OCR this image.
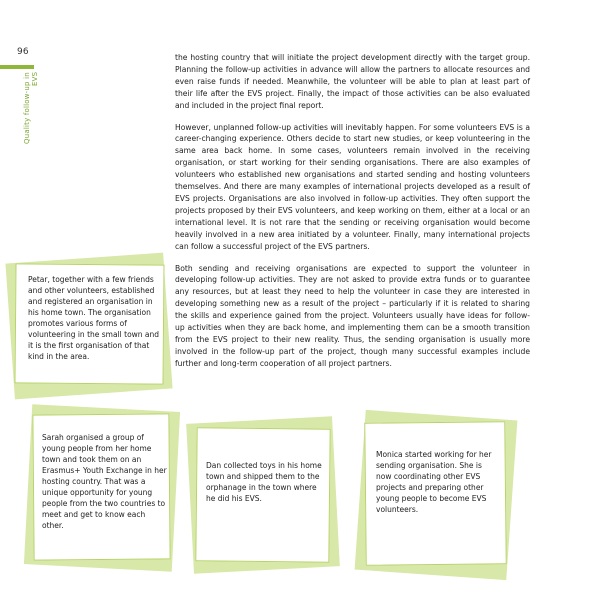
96
Quality follow-up in EVS

the hosting country that will initiate the project development directly with the target group. Planning the follow-up activities in advance will allow the partners to allocate resources and even raise funds if needed. Meanwhile, the volunteer will be able to plan at least part of their life after the EVS project. Finally, the impact of those activities can be also evaluated and included in the project final report.

However, unplanned follow-up activities will inevitably happen. For some volunteers EVS is a career-changing experience. Others decide to start new studies, or keep volunteering in the same area back home. In some cases, volunteers remain involved in the receiving organisation, or start working for their sending organisations. There are also examples of volunteers who established new organisations and started sending and hosting volunteers themselves. And there are many examples of international projects developed as a result of EVS projects. Organisations are also involved in follow-up activities. They often support the projects proposed by their EVS volunteers, and keep working on them, either at a local or an international level. It is not rare that the sending or receiving organisation would become heavily involved in a new area initiated by a volunteer. Finally, many international projects can follow a successful project of the EVS partners.

Both sending and receiving organisations are expected to support the volunteer in developing follow-up activities. They are not asked to provide extra funds or to guarantee any resources, but at least they need to help the volunteer in case they are interested in developing something new as a result of the project – particularly if it is related to sharing the skills and experience gained from the project. Volunteers usually have ideas for follow-up activities when they are back home, and implementing them can be a smooth transition from the EVS project to their new reality. Thus, the sending organisation is usually more involved in the follow-up part of the project, though many successful examples include further and long-term cooperation of all project partners.

Petar, together with a few friends and other volunteers, established and registered an organisation in his home town. The organisation promotes various forms of volunteering in the small town and it is the first organisation of that kind in the area.
Sarah organised a group of young people from her home town and took them on an Erasmus+ Youth Exchange in her hosting country. That was a unique opportunity for young people from the two countries to meet and get to know each other.
Dan collected toys in his home town and shipped them to the orphanage in the town where he did his EVS.
Monica started working for her sending organisation. She is now coordinating other EVS projects and preparing other young people to become EVS volunteers.
